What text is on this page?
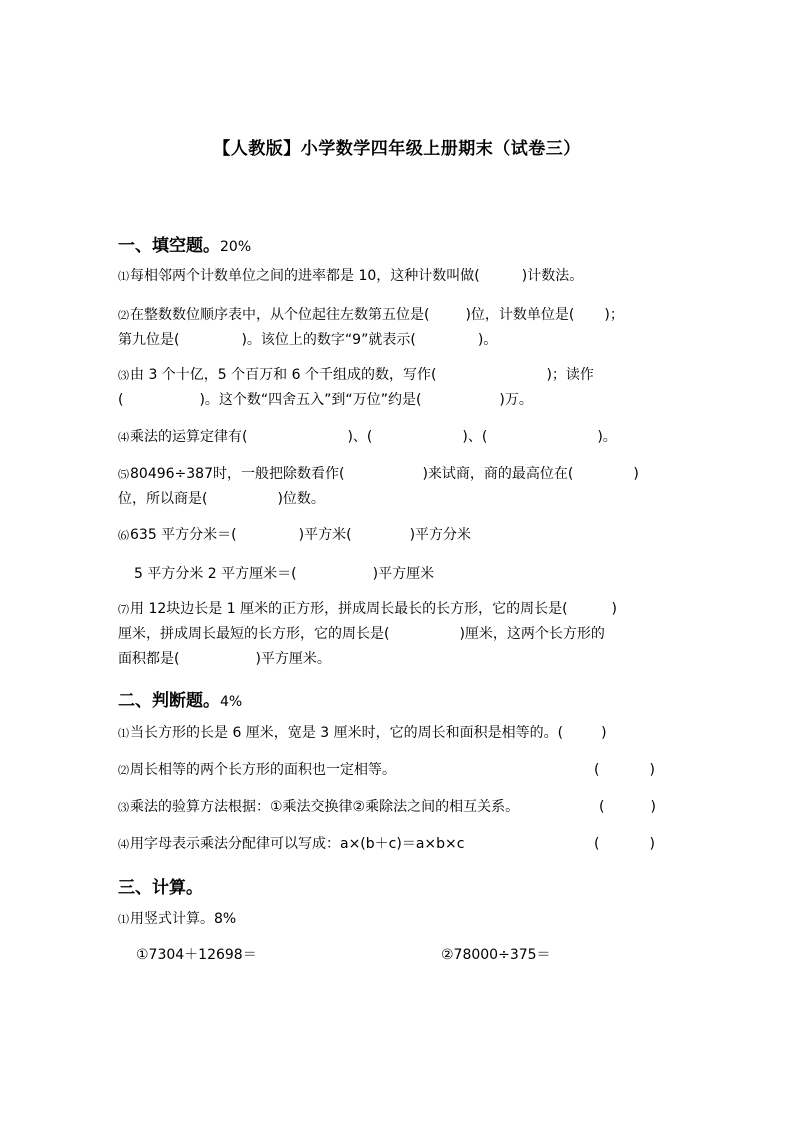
【人教版】小学数学四年级上册期末（试卷三）
一、填空题。20%
⑴每相邻两个计数单位之间的进率都是 10，这种计数叫做(	)计数法。
⑵在整数数位顺序表中，从个位起往左数第五位是(	)位，计数单位是( )；
第九位是(	)。该位上的数字“9”就表示(	)。
⑶由 3 个十亿，5 个百万和 6 个千组成的数，写作(	)；读作
(	)。这个数“四舍五入”到“万位”约是(	)万。
⑷乘法的运算定律有(	)、(	)、(	)。
⑸80496÷387时，一般把除数看作(	)来试商，商的最高位在(	)
位，所以商是(	)位数。
⑹635 平方分米＝(	)平方米(	)平方分米
5 平方分米 2 平方厘米＝(	)平方厘米
⑺用 12块边长是 1 厘米的正方形，拼成周长最长的长方形，它的周长是(	)
厘米，拼成周长最短的长方形，它的周长是(	)厘米，这两个长方形的
面积都是(	)平方厘米。
二、判断题。4%
⑴当长方形的长是 6 厘米，宽是 3 厘米时，它的周长和面积是相等的。(	)
⑵周长相等的两个长方形的面积也一定相等。	(	)
⑶乘法的验算方法根据：①乘法交换律②乘除法之间的相互关系。	(	)
⑷用字母表示乘法分配律可以写成：a×(b＋c)＝a×b×c	(	)
三、计算。
⑴用竖式计算。8%
①7304＋12698＝	②78000÷375＝
